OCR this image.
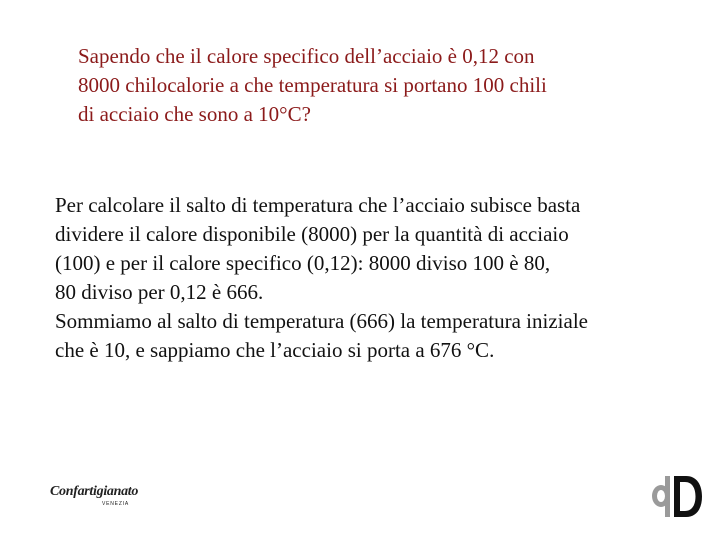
Sapendo che il calore specifico dell’acciaio è 0,12 con
8000 chilocalorie a che temperatura si portano 100 chili
di acciaio che sono a 10°C?
Per calcolare il salto di temperatura che l’acciaio subisce basta
dividere il calore disponibile (8000) per la quantità di acciaio
(100) e per il calore specifico (0,12): 8000 diviso 100 è 80,
80 diviso per 0,12 è 666.
Sommiamo al salto di temperatura (666) la temperatura iniziale
che è 10, e sappiamo che l’acciaio si porta a 676 °C.
Confartigianato
VENEZIA
